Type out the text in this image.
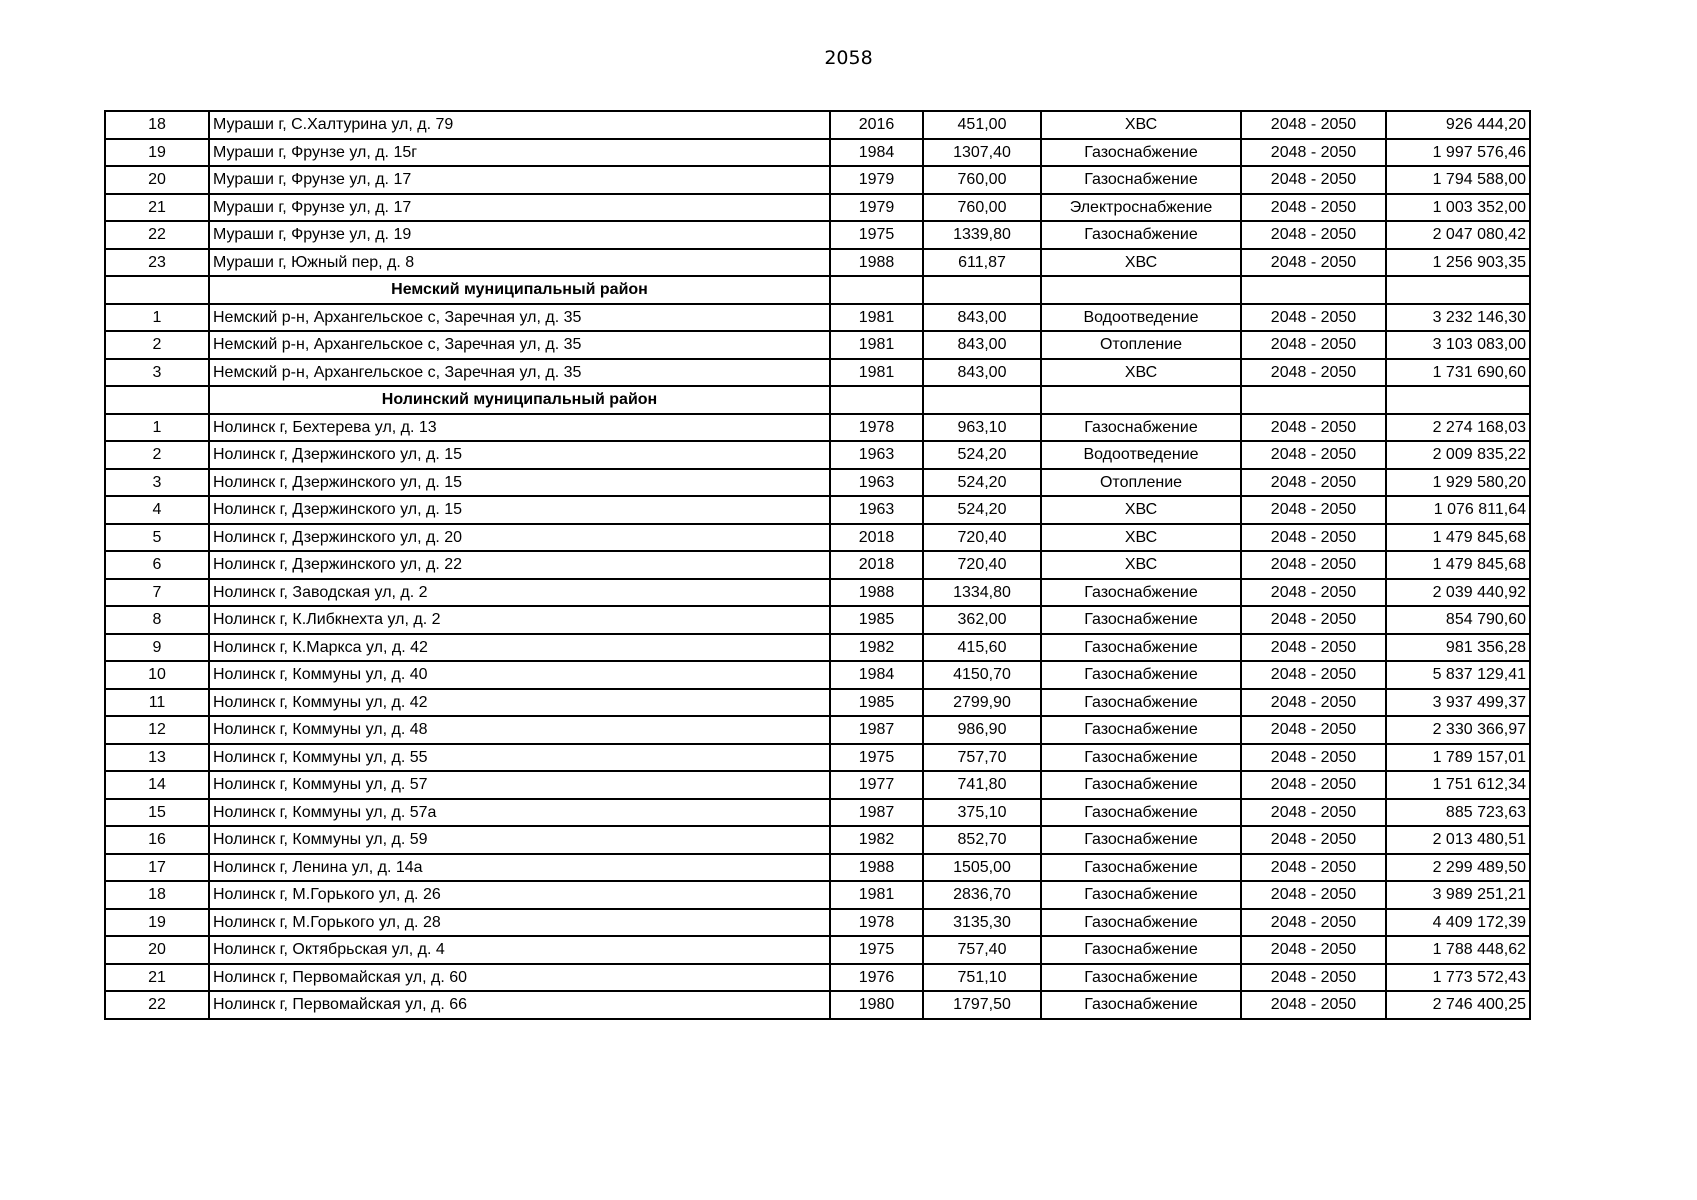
2058
18	Мураши г, С.Халтурина ул, д. 79	2016	451,00	ХВС	2048 - 2050	926 444,20
19	Мураши г, Фрунзе ул, д. 15г	1984	1307,40	Газоснабжение	2048 - 2050	1 997 576,46
20	Мураши г, Фрунзе ул, д. 17	1979	760,00	Газоснабжение	2048 - 2050	1 794 588,00
21	Мураши г, Фрунзе ул, д. 17	1979	760,00	Электроснабжение	2048 - 2050	1 003 352,00
22	Мураши г, Фрунзе ул, д. 19	1975	1339,80	Газоснабжение	2048 - 2050	2 047 080,42
23	Мураши г, Южный пер, д. 8	1988	611,87	ХВС	2048 - 2050	1 256 903,35
	Немский муниципальный район					
1	Немский р-н, Архангельское с, Заречная ул, д. 35	1981	843,00	Водоотведение	2048 - 2050	3 232 146,30
2	Немский р-н, Архангельское с, Заречная ул, д. 35	1981	843,00	Отопление	2048 - 2050	3 103 083,00
3	Немский р-н, Архангельское с, Заречная ул, д. 35	1981	843,00	ХВС	2048 - 2050	1 731 690,60
	Нолинский муниципальный район					
1	Нолинск г, Бехтерева ул, д. 13	1978	963,10	Газоснабжение	2048 - 2050	2 274 168,03
2	Нолинск г, Дзержинского ул, д. 15	1963	524,20	Водоотведение	2048 - 2050	2 009 835,22
3	Нолинск г, Дзержинского ул, д. 15	1963	524,20	Отопление	2048 - 2050	1 929 580,20
4	Нолинск г, Дзержинского ул, д. 15	1963	524,20	ХВС	2048 - 2050	1 076 811,64
5	Нолинск г, Дзержинского ул, д. 20	2018	720,40	ХВС	2048 - 2050	1 479 845,68
6	Нолинск г, Дзержинского ул, д. 22	2018	720,40	ХВС	2048 - 2050	1 479 845,68
7	Нолинск г, Заводская ул, д. 2	1988	1334,80	Газоснабжение	2048 - 2050	2 039 440,92
8	Нолинск г, К.Либкнехта ул, д. 2	1985	362,00	Газоснабжение	2048 - 2050	854 790,60
9	Нолинск г, К.Маркса ул, д. 42	1982	415,60	Газоснабжение	2048 - 2050	981 356,28
10	Нолинск г, Коммуны ул, д. 40	1984	4150,70	Газоснабжение	2048 - 2050	5 837 129,41
11	Нолинск г, Коммуны ул, д. 42	1985	2799,90	Газоснабжение	2048 - 2050	3 937 499,37
12	Нолинск г, Коммуны ул, д. 48	1987	986,90	Газоснабжение	2048 - 2050	2 330 366,97
13	Нолинск г, Коммуны ул, д. 55	1975	757,70	Газоснабжение	2048 - 2050	1 789 157,01
14	Нолинск г, Коммуны ул, д. 57	1977	741,80	Газоснабжение	2048 - 2050	1 751 612,34
15	Нолинск г, Коммуны ул, д. 57а	1987	375,10	Газоснабжение	2048 - 2050	885 723,63
16	Нолинск г, Коммуны ул, д. 59	1982	852,70	Газоснабжение	2048 - 2050	2 013 480,51
17	Нолинск г, Ленина ул, д. 14а	1988	1505,00	Газоснабжение	2048 - 2050	2 299 489,50
18	Нолинск г, М.Горького ул, д. 26	1981	2836,70	Газоснабжение	2048 - 2050	3 989 251,21
19	Нолинск г, М.Горького ул, д. 28	1978	3135,30	Газоснабжение	2048 - 2050	4 409 172,39
20	Нолинск г, Октябрьская ул, д. 4	1975	757,40	Газоснабжение	2048 - 2050	1 788 448,62
21	Нолинск г, Первомайская ул, д. 60	1976	751,10	Газоснабжение	2048 - 2050	1 773 572,43
22	Нолинск г, Первомайская ул, д. 66	1980	1797,50	Газоснабжение	2048 - 2050	2 746 400,25
